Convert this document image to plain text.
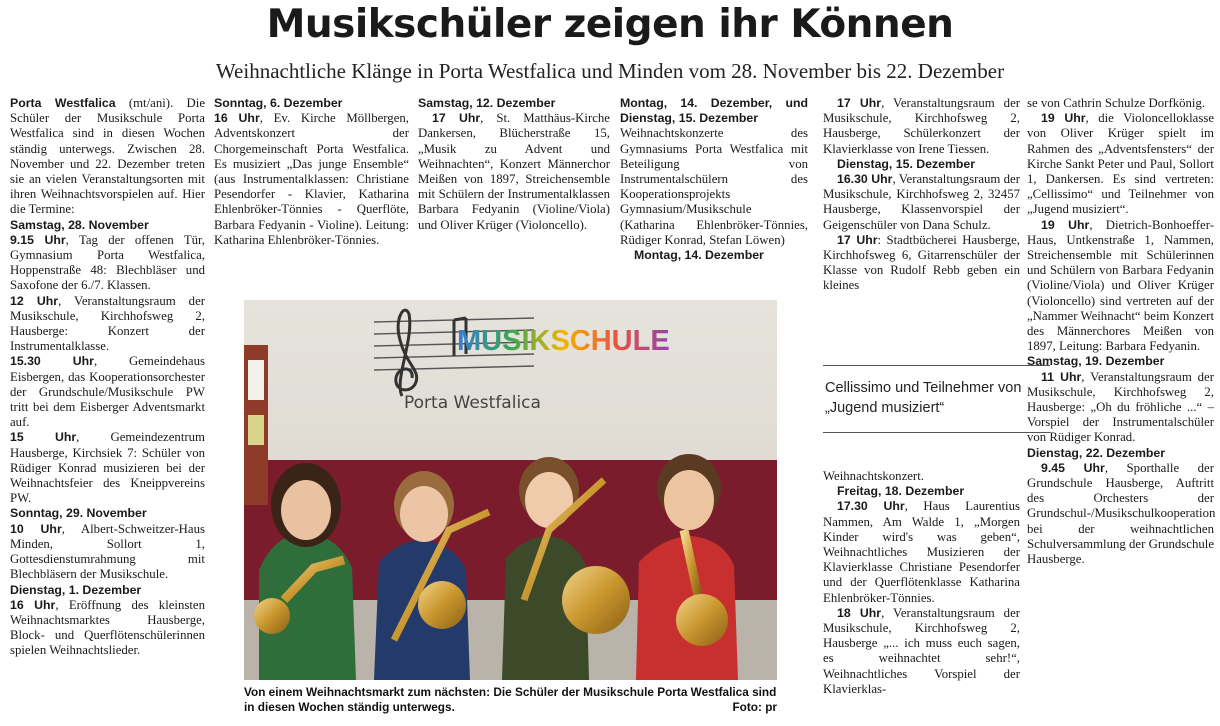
Musikschüler zeigen ihr Können
Weihnachtliche Klänge in Porta Westfalica und Minden vom 28. November bis 22. Dezember

Porta Westfalica (mt/ani). Die Schüler der Musikschule Porta Westfalica sind in diesen Wochen ständig unterwegs. Zwischen 28. November und 22. Dezember treten sie an vielen Veranstaltungsorten mit ihren Weihnachtsvorspielen auf. Hier die Termine:

Samstag, 28. November

9.15 Uhr, Tag der offenen Tür, Gymnasium Porta Westfalica, Hoppenstraße 48: Blechbläser und Saxofone der 6./7. Klassen.

12 Uhr, Veranstaltungsraum der Musikschule, Kirchhofsweg 2, Hausberge: Konzert der Instrumentalklasse.

15.30 Uhr, Gemeindehaus Eisbergen, das Kooperationsorchester der Grundschule/Musikschule PW tritt bei dem Eisberger Adventsmarkt auf.

15 Uhr, Gemeindezentrum Hausberge, Kirchsiek 7: Schüler von Rüdiger Konrad musizieren bei der Weihnachtsfeier des Kneippvereins PW.

Sonntag, 29. November

10 Uhr, Albert-Schweitzer-Haus Minden, Sollort 1, Gottesdienstumrahmung mit Blechbläsern der Musikschule.

Dienstag, 1. Dezember

16 Uhr, Eröffnung des kleinsten Weihnachtsmarktes Hausberge, Block- und Querflötenschülerinnen spielen Weihnachtslieder.

Sonntag, 6. Dezember

16 Uhr, Ev. Kirche Möllbergen, Adventskonzert der Chorgemeinschaft Porta Westfalica. Es musiziert „Das junge Ensemble“ (aus Instrumentalklassen: Christiane Pesendorfer - Klavier, Katharina Ehlenbröker-Tönnies - Querflöte, Barbara Fedyanin - Violine). Leitung: Katharina Ehlenbröker-Tönnies.

Samstag, 12. Dezember

17 Uhr, St. Matthäus-Kirche Dankersen, Blücherstraße 15, „Musik zu Advent und Weihnachten“, Konzert Männerchor Meißen von 1897, Streichensemble mit Schülern der Instrumentalklassen Barbara Fedyanin (Violine/Viola) und Oliver Krüger (Violoncello).

Montag, 14. Dezember, und Dienstag, 15. Dezember

Weihnachtskonzerte des Gymnasiums Porta Westfalica mit Beteiligung von Instrumentalschülern des Kooperationsprojekts Gymnasium/Musikschule (Katharina Ehlenbröker-Tönnies, Rüdiger Konrad, Stefan Löwen)

Montag, 14. Dezember

17 Uhr, Veranstaltungsraum der Musikschule, Kirchhofsweg 2, Hausberge, Schülerkonzert der Klavierklasse von Irene Tiessen.

Dienstag, 15. Dezember

16.30 Uhr, Veranstaltungsraum der Musikschule, Kirchhofsweg 2, 32457 Hausberge, Klassenvorspiel der Geigenschüler von Dana Schulz.

17 Uhr: Stadtbücherei Hausberge, Kirchhofsweg 6, Gitarrenschüler der Klasse von Rudolf Rebb geben ein kleines

Cellissimo und Teilnehmer von „Jugend musiziert“

Weihnachtskonzert.

Freitag, 18. Dezember

17.30 Uhr, Haus Laurentius Nammen, Am Walde 1, „Morgen Kinder wird's was geben“, Weihnachtliches Musizieren der Klavierklasse Christiane Pesendorfer und der Querflötenklasse Katharina Ehlenbröker-Tönnies.

18 Uhr, Veranstaltungsraum der Musikschule, Kirchhofsweg 2, Hausberge „... ich muss euch sagen, es weihnachtet sehr!“, Weihnachtliches Vorspiel der Klavierklas-

se von Cathrin Schulze Dorfkönig.

19 Uhr, die Violoncelloklasse von Oliver Krüger spielt im Rahmen des „Adventsfensters“ der Kirche Sankt Peter und Paul, Sollort 1, Dankersen. Es sind vertreten: „Cellissimo“ und Teilnehmer von „Jugend musiziert“.

19 Uhr, Dietrich-Bonhoeffer-Haus, Untkenstraße 1, Nammen, Streichensemble mit Schülerinnen und Schülern von Barbara Fedyanin (Violine/Viola) und Oliver Krüger (Violoncello) sind vertreten auf der „Nammer Weihnacht“ beim Konzert des Männerchores Meißen von 1897, Leitung: Barbara Fedyanin.

Samstag, 19. Dezember

11 Uhr, Veranstaltungsraum der Musikschule, Kirchhofsweg 2, Hausberge: „Oh du fröhliche ...“ – Vorspiel der Instrumentalschüler von Rüdiger Konrad.

Dienstag, 22. Dezember

9.45 Uhr, Sporthalle der Grundschule Hausberge, Auftritt des Orchesters der Grundschul-/Musikschulkooperation bei der weihnachtlichen Schulversammlung der Grundschule Hausberge.

MUSIKSCHULE
Porta Westfalica
Von einem Weihnachtsmarkt zum nächsten: Die Schüler der Musikschule Porta Westfalica sind in diesen Wochen ständig unterwegs.	Foto: pr
